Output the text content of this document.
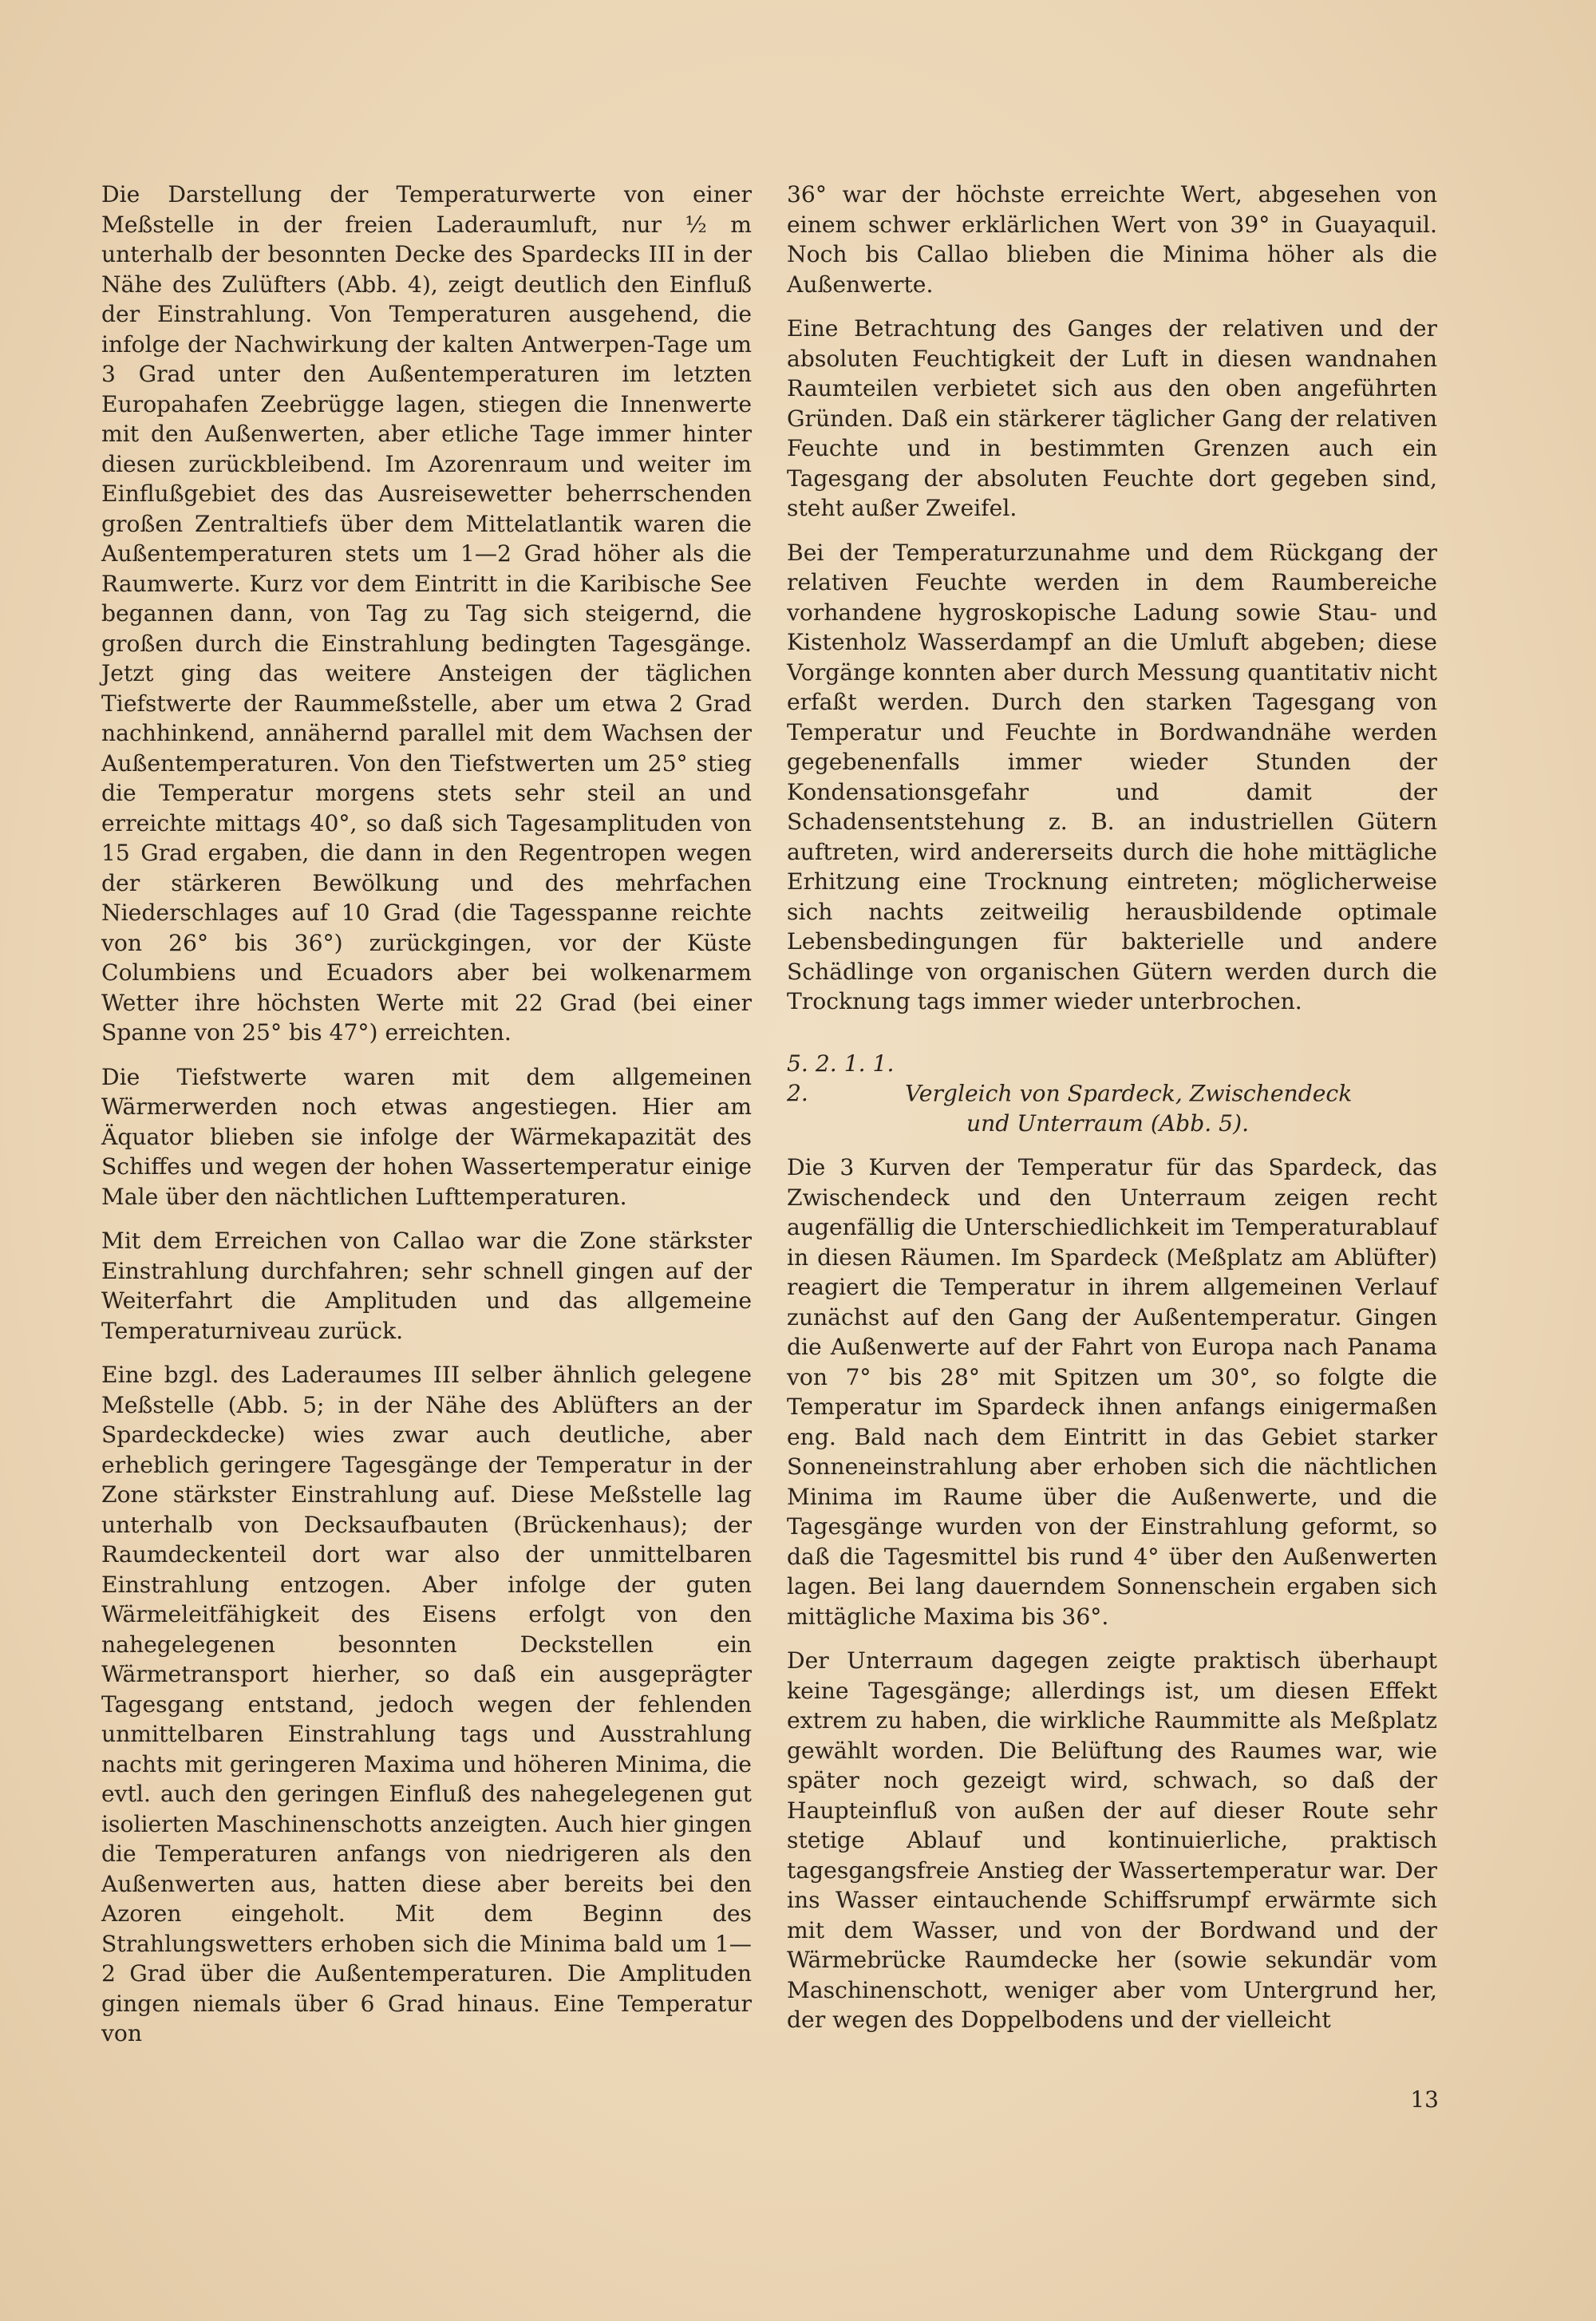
Die Darstellung der Temperaturwerte von einer Meßstelle in der freien Laderaumluft, nur ½ m unterhalb der besonnten Decke des Spardecks III in der Nähe des Zulüfters (Abb. 4), zeigt deutlich den Einfluß der Einstrahlung. Von Temperaturen ausgehend, die infolge der Nachwirkung der kalten Antwerpen-Tage um 3 Grad unter den Außentemperaturen im letzten Europahafen Zeebrügge lagen, stiegen die Innenwerte mit den Außenwerten, aber etliche Tage immer hinter diesen zurückbleibend. Im Azorenraum und weiter im Einflußgebiet des das Ausreisewetter beherrschenden großen Zentraltiefs über dem Mittelatlantik waren die Außentemperaturen stets um 1—2 Grad höher als die Raumwerte. Kurz vor dem Eintritt in die Karibische See begannen dann, von Tag zu Tag sich steigernd, die großen durch die Einstrahlung bedingten Tagesgänge. Jetzt ging das weitere Ansteigen der täglichen Tiefstwerte der Raummeßstelle, aber um etwa 2 Grad nachhinkend, annähernd parallel mit dem Wachsen der Außentemperaturen. Von den Tiefstwerten um 25° stieg die Temperatur morgens stets sehr steil an und erreichte mittags 40°, so daß sich Tagesamplituden von 15 Grad ergaben, die dann in den Regentropen wegen der stärkeren Bewölkung und des mehrfachen Niederschlages auf 10 Grad (die Tagesspanne reichte von 26° bis 36°) zurückgingen, vor der Küste Columbiens und Ecuadors aber bei wolkenarmem Wetter ihre höchsten Werte mit 22 Grad (bei einer Spanne von 25° bis 47°) erreichten.

Die Tiefstwerte waren mit dem allgemeinen Wärmerwerden noch etwas angestiegen. Hier am Äquator blieben sie infolge der Wärmekapazität des Schiffes und wegen der hohen Wassertemperatur einige Male über den nächtlichen Lufttemperaturen.

Mit dem Erreichen von Callao war die Zone stärkster Einstrahlung durchfahren; sehr schnell gingen auf der Weiterfahrt die Amplituden und das allgemeine Temperaturniveau zurück.

Eine bzgl. des Laderaumes III selber ähnlich gelegene Meßstelle (Abb. 5; in der Nähe des Ablüfters an der Spardeckdecke) wies zwar auch deutliche, aber erheblich geringere Tagesgänge der Temperatur in der Zone stärkster Einstrahlung auf. Diese Meßstelle lag unterhalb von Decksaufbauten (Brückenhaus); der Raumdeckenteil dort war also der unmittelbaren Einstrahlung entzogen. Aber infolge der guten Wärmeleitfähigkeit des Eisens erfolgt von den nahegelegenen besonnten Deckstellen ein Wärmetransport hierher, so daß ein ausgeprägter Tagesgang entstand, jedoch wegen der fehlenden unmittelbaren Einstrahlung tags und Ausstrahlung nachts mit geringeren Maxima und höheren Minima, die evtl. auch den geringen Einfluß des nahegelegenen gut isolierten Maschinenschotts anzeigten. Auch hier gingen die Temperaturen anfangs von niedrigeren als den Außenwerten aus, hatten diese aber bereits bei den Azoren eingeholt. Mit dem Beginn des Strahlungswetters erhoben sich die Minima bald um 1—2 Grad über die Außentemperaturen. Die Amplituden gingen niemals über 6 Grad hinaus. Eine Temperatur von

36° war der höchste erreichte Wert, abgesehen von einem schwer erklärlichen Wert von 39° in Guayaquil. Noch bis Callao blieben die Minima höher als die Außenwerte.

Eine Betrachtung des Ganges der relativen und der absoluten Feuchtigkeit der Luft in diesen wandnahen Raumteilen verbietet sich aus den oben angeführten Gründen. Daß ein stärkerer täglicher Gang der relativen Feuchte und in bestimmten Grenzen auch ein Tagesgang der absoluten Feuchte dort gegeben sind, steht außer Zweifel.

Bei der Temperaturzunahme und dem Rückgang der relativen Feuchte werden in dem Raumbereiche vorhandene hygroskopische Ladung sowie Stau- und Kistenholz Wasserdampf an die Umluft abgeben; diese Vorgänge konnten aber durch Messung quantitativ nicht erfaßt werden. Durch den starken Tagesgang von Temperatur und Feuchte in Bordwandnähe werden gegebenenfalls immer wieder Stunden der Kondensationsgefahr und damit der Schadensentstehung z. B. an industriellen Gütern auftreten, wird andererseits durch die hohe mittägliche Erhitzung eine Trocknung eintreten; möglicherweise sich nachts zeitweilig herausbildende optimale Lebensbedingungen für bakterielle und andere Schädlinge von organischen Gütern werden durch die Trocknung tags immer wieder unterbrochen.

5. 2. 1. 1. 2.	Vergleich von Spardeck, Zwischendeck
und Unterraum (Abb. 5).

Die 3 Kurven der Temperatur für das Spardeck, das Zwischendeck und den Unterraum zeigen recht augenfällig die Unterschiedlichkeit im Temperaturablauf in diesen Räumen. Im Spardeck (Meßplatz am Ablüfter) reagiert die Temperatur in ihrem allgemeinen Verlauf zunächst auf den Gang der Außentemperatur. Gingen die Außenwerte auf der Fahrt von Europa nach Panama von 7° bis 28° mit Spitzen um 30°, so folgte die Temperatur im Spardeck ihnen anfangs einigermaßen eng. Bald nach dem Eintritt in das Gebiet starker Sonneneinstrahlung aber erhoben sich die nächtlichen Minima im Raume über die Außenwerte, und die Tagesgänge wurden von der Einstrahlung geformt, so daß die Tagesmittel bis rund 4° über den Außenwerten lagen. Bei lang dauerndem Sonnenschein ergaben sich mittägliche Maxima bis 36°.

Der Unterraum dagegen zeigte praktisch überhaupt keine Tagesgänge; allerdings ist, um diesen Effekt extrem zu haben, die wirkliche Raummitte als Meßplatz gewählt worden. Die Belüftung des Raumes war, wie später noch gezeigt wird, schwach, so daß der Haupteinfluß von außen der auf dieser Route sehr stetige Ablauf und kontinuierliche, praktisch tagesgangsfreie Anstieg der Wassertemperatur war. Der ins Wasser eintauchende Schiffsrumpf erwärmte sich mit dem Wasser, und von der Bordwand und der Wärmebrücke Raumdecke her (sowie sekundär vom Maschinenschott, weniger aber vom Untergrund her, der wegen des Doppelbodens und der vielleicht

13
